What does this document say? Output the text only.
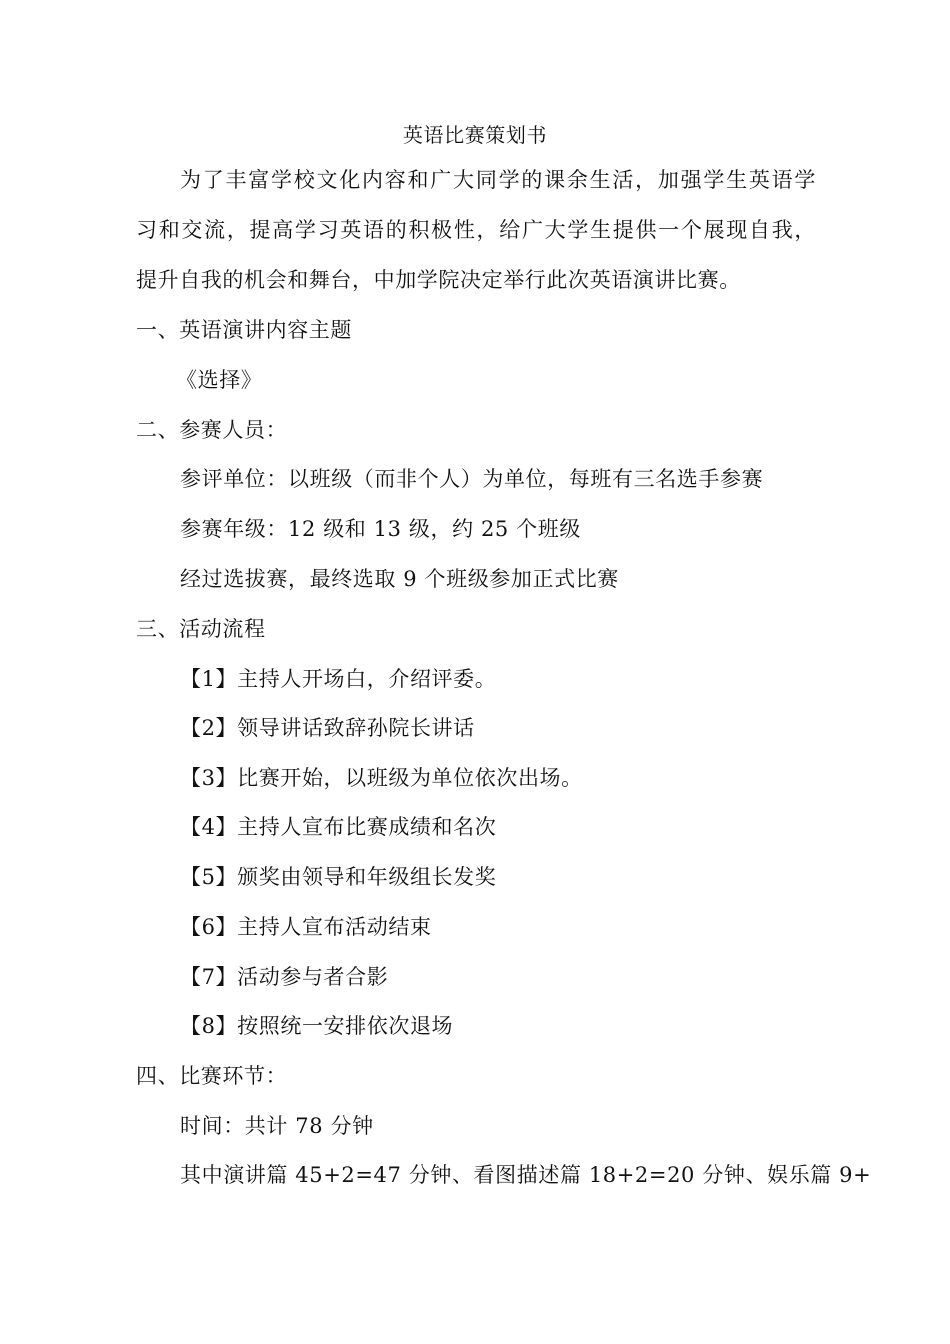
英语比赛策划书
为了丰富学校文化内容和广大同学的课余生活，加强学生英语学
习和交流，提高学习英语的积极性，给广大学生提供一个展现自我，
提升自我的机会和舞台，中加学院决定举行此次英语演讲比赛。
一、英语演讲内容主题
《选择》
二、参赛人员：
参评单位：以班级（而非个人）为单位，每班有三名选手参赛
参赛年级：12 级和 13 级，约 25 个班级
经过选拔赛，最终选取 9 个班级参加正式比赛
三、活动流程
【1】主持人开场白，介绍评委。
【2】领导讲话致辞孙院长讲话
【3】比赛开始，以班级为单位依次出场。
【4】主持人宣布比赛成绩和名次
【5】颁奖由领导和年级组长发奖
【6】主持人宣布活动结束
【7】活动参与者合影
【8】按照统一安排依次退场
四、比赛环节：
时间：共计 78 分钟
其中演讲篇 45+2=47 分钟、看图描述篇 18+2=20 分钟、娱乐篇 9+
